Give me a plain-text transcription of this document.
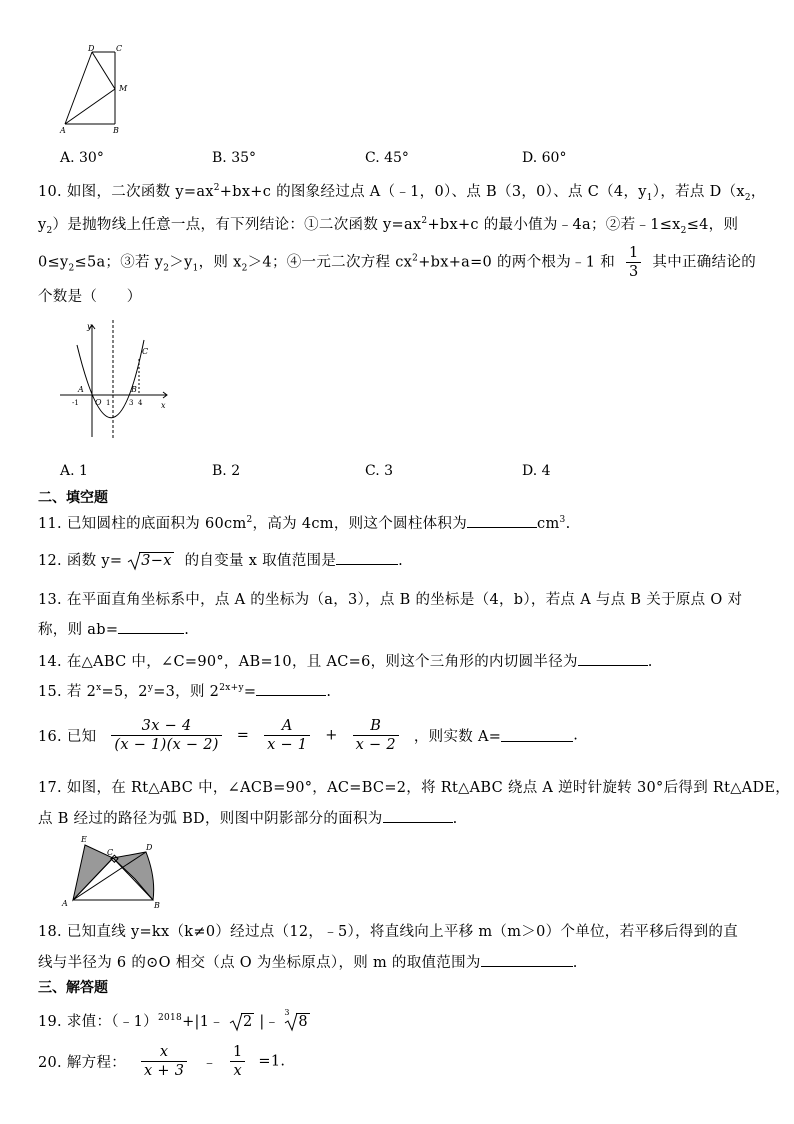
D	C
M
A	B
A. 30°	B. 35°	C. 45°	D. 60°
10. 如图，二次函数 $y=ax^2+bx+c$ 的图象经过点 A（﹣1，0）、点 B（3，0）、点 C（4，$y_1$），若点 $D(x_2$，
$y_2$）是抛物线上任意一点，有下列结论：①二次函数 $y=ax^2+bx+c$ 的最小值为﹣4a；②若$﹣1\le x_2\le 4$，则
$0\le y_2\le 5a$；③若 $y_2>y_1$，则 $x_2>4$；④一元二次方程 $cx^2+bx+a=0$ 的两个根为﹣1 和 $\frac{1}{3}$ 其中正确结论的
个数是（　　）
y
x
A	B
C
O
-1	1	3 4
A. 1	B. 2	C. 3	D. 4
二、填空题
11. 已知圆柱的底面积为 $60cm^2$，高为 4cm，则这个圆柱体积为	$cm^3$.
12. 函数 y= 3−x 的自变量 x 取值范围是	.
13. 在平面直角坐标系中，点 A 的坐标为（a，3），点 B 的坐标是（4，b），若点 A 与点 B 关于原点 O 对
称，则 ab=	.
14. 在△ABC 中，∠C=90°，AB=10，且 AC=6，则这个三角形的内切圆半径为	.
15. 若 $2^x=5$，$2^y=3$，则 $2^{2x+y}=$	.
16. 已知 $\frac{3x - 4}{(x - 1)(x - 2)} = \frac{A}{x - 1} + \frac{B}{x - 2}$ ，则实数 A=	.
17. 如图，在 Rt△ABC 中，∠ACB=90°，AC=BC=2，将 Rt△ABC 绕点 A 逆时针旋转 30°后得到 Rt△ADE，
点 B 经过的路径为弧 BD，则图中阴影部分的面积为	.
E
C
D
A	B
18. 已知直线 y=kx（k≠0）经过点（12，﹣5），将直线向上平移 m（m＞0）个单位，若平移后得到的直
线与半径为 6 的⊙O 相交（点 O 为坐标原点），则 m 的取值范围为	.
三、解答题
19. 求值：（﹣1）$^{2018}$+|1﹣ 2 |﹣
3
8
20. 解方程： $\frac{x}{x + 3}$ ﹣ $\frac{1}{x} =1$.
